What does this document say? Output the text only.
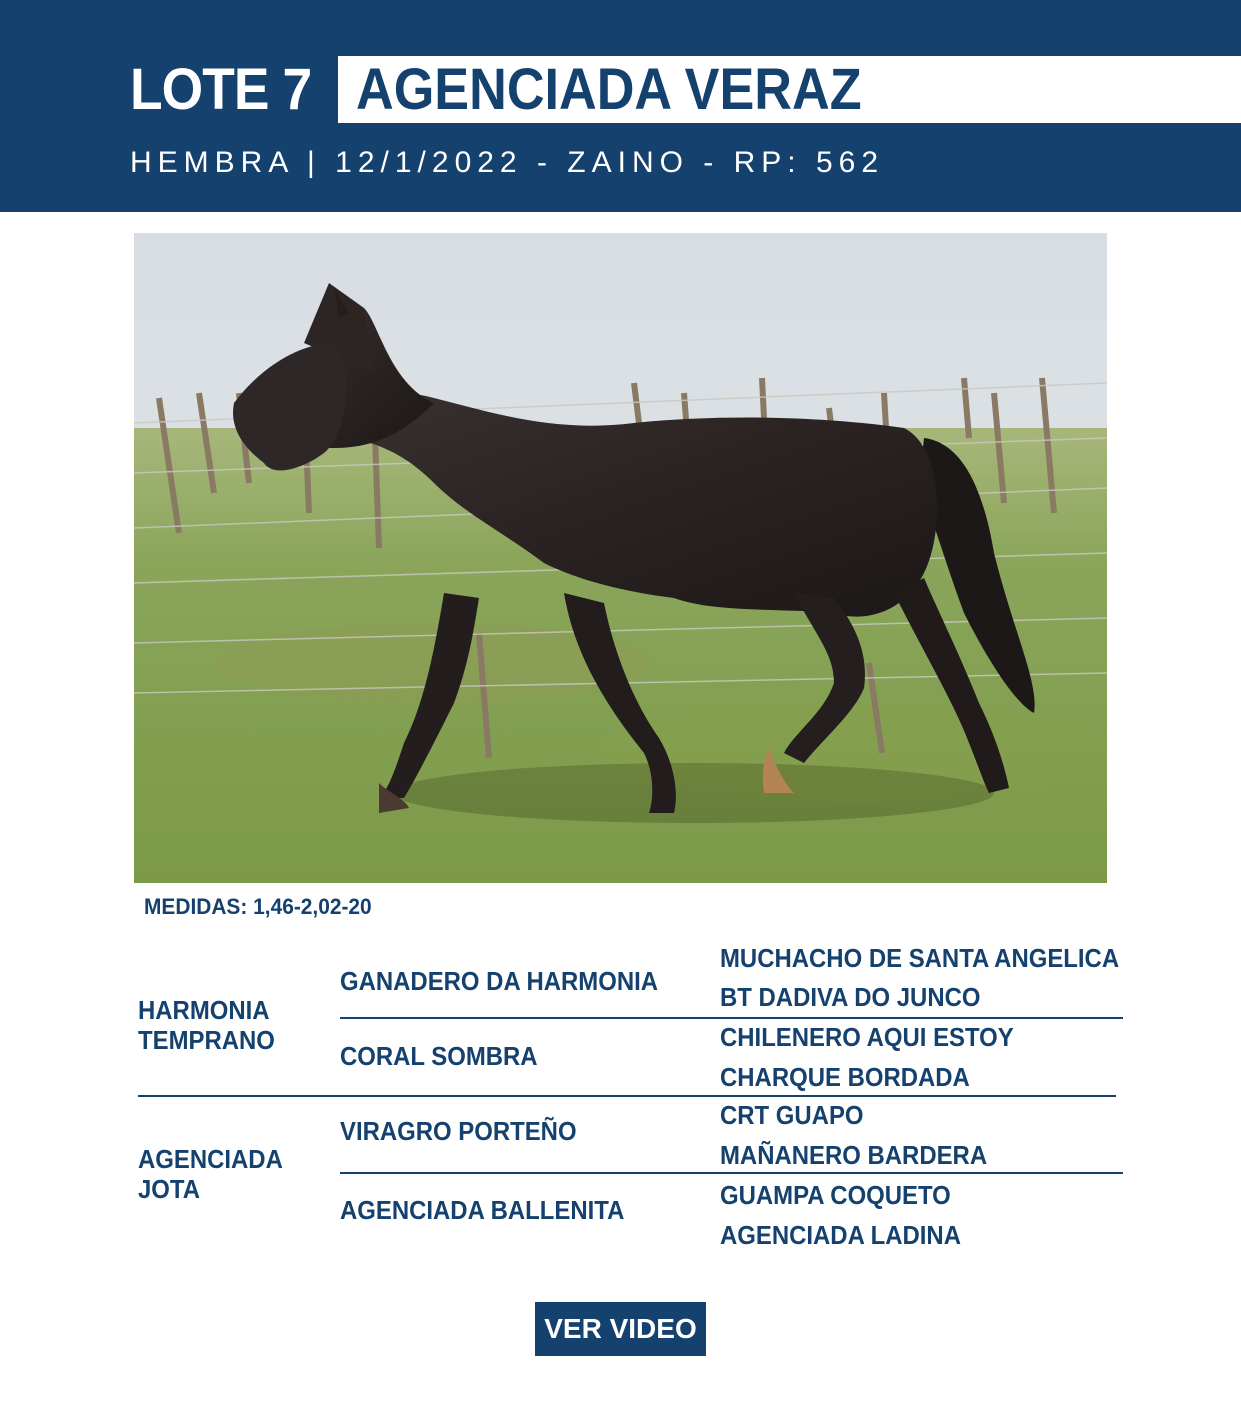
LOTE 7 AGENCIADA VERAZ
HEMBRA | 12/1/2022 - ZAINO - RP: 562
MEDIDAS: 1,46-2,02-20
HARMONIA
TEMPRANO
AGENCIADA
JOTA
GANADERO DA HARMONIA
CORAL SOMBRA
VIRAGRO PORTEÑO
AGENCIADA BALLENITA
MUCHACHO DE SANTA ANGELICA
BT DADIVA DO JUNCO
CHILENERO AQUI ESTOY
CHARQUE BORDADA
CRT GUAPO
MAÑANERO BARDERA
GUAMPA COQUETO
AGENCIADA LADINA
VER VIDEO
